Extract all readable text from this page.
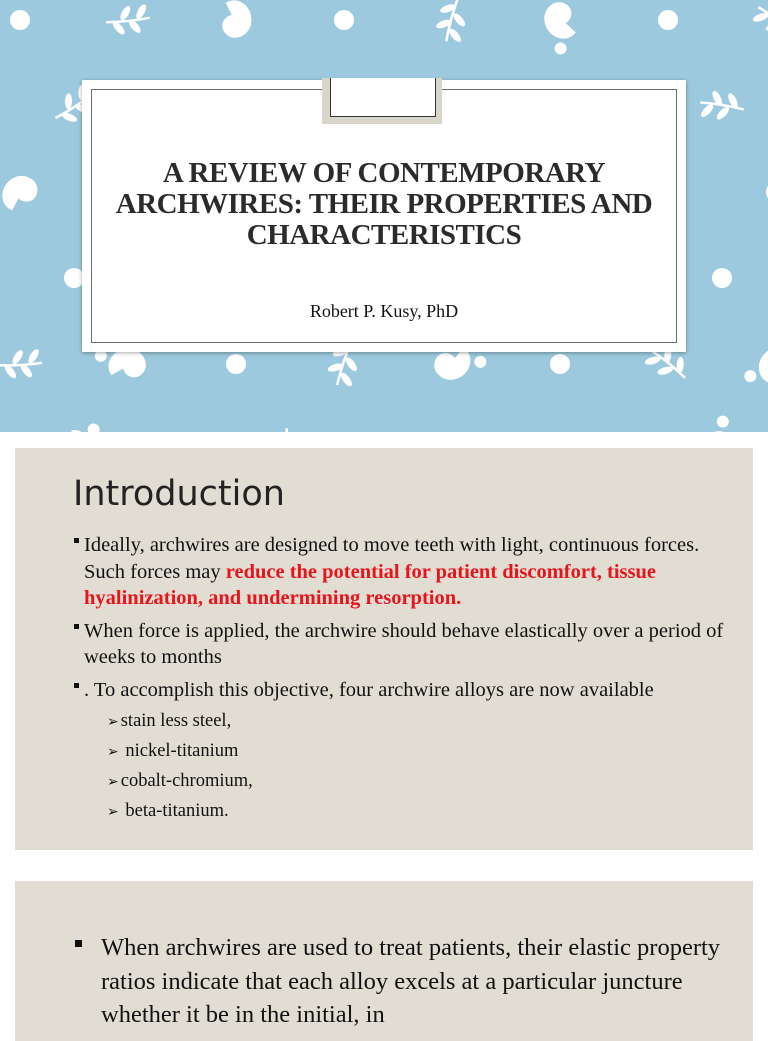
A REVIEW OF CONTEMPORARY ARCHWIRES: THEIR PROPERTIES AND CHARACTERISTICS
Robert P. Kusy, PhD
Introduction
Ideally, archwires are designed to move teeth with light, continuous forces. Such forces may reduce the potential for patient discomfort, tissue hyalinization, and undermining resorption.
When force is applied, the archwire should behave elastically over a period of weeks to months
. To accomplish this objective, four archwire alloys are now available
➢ stain less steel,
➢ nickel-titanium
➢ cobalt-chromium,
➢ beta-titanium.
When archwires are used to treat patients, their elastic property ratios indicate that each alloy excels at a particular juncture whether it be in the initial, in
